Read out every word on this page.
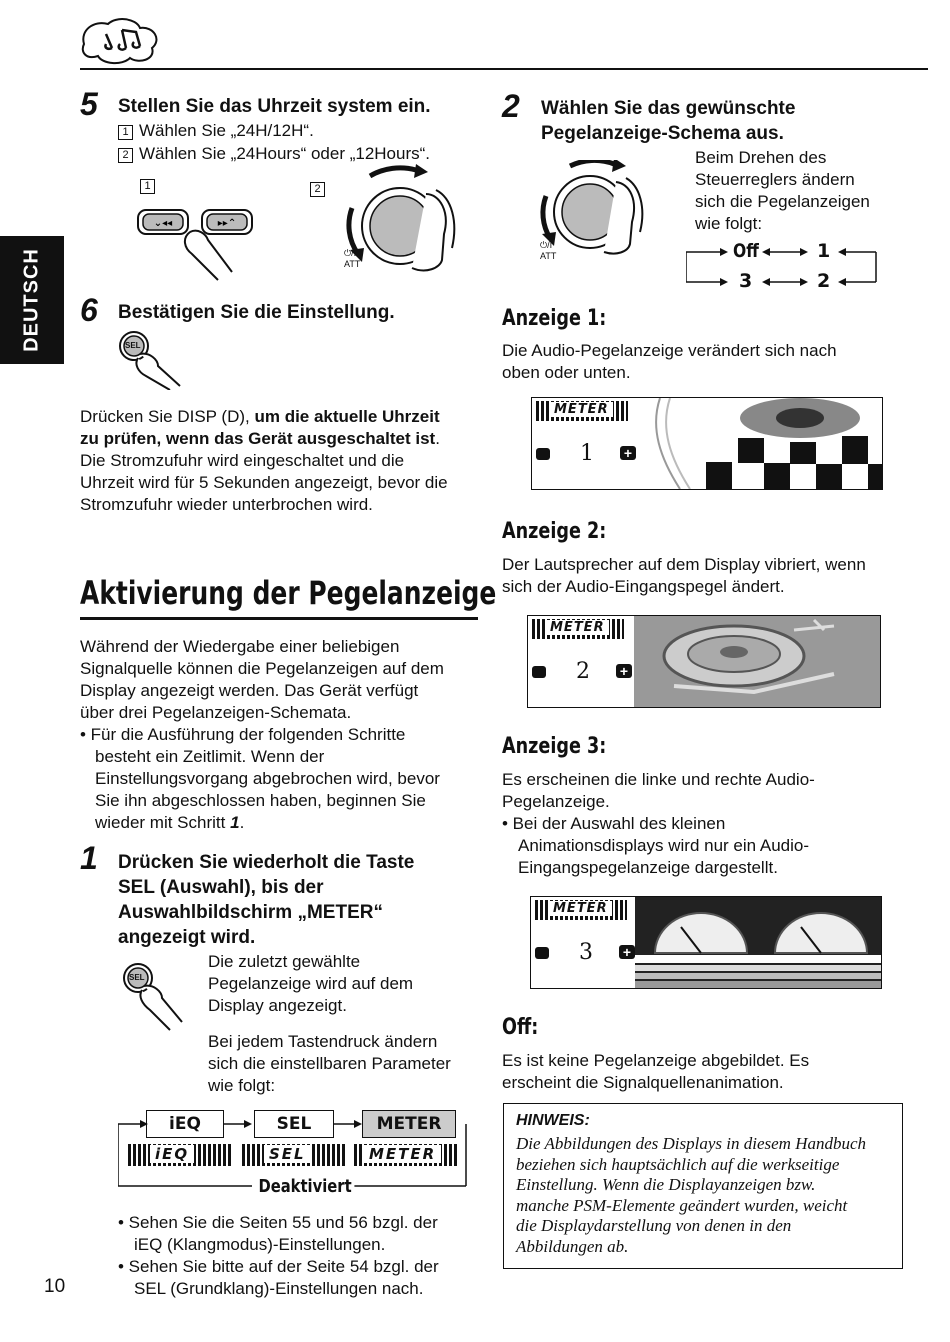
DEUTSCH
5 Stellen Sie das Uhrzeit system ein.
1 Wählen Sie „24H/12H“.
2 Wählen Sie „24Hours“ oder „12Hours“.
1	2
⌄◂◂	▸▸⌃
⏻/I
ATT
6 Bestätigen Sie die Einstellung.
SEL
Drücken Sie DISP (D), um die aktuelle Uhrzeit
zu prüfen, wenn das Gerät ausgeschaltet ist.
Die Stromzufuhr wird eingeschaltet und die
Uhrzeit wird für 5 Sekunden angezeigt, bevor die
Stromzufuhr wieder unterbrochen wird.
Aktivierung der Pegelanzeige
Während der Wiedergabe einer beliebigen
Signalquelle können die Pegelanzeigen auf dem
Display angezeigt werden. Das Gerät verfügt
über drei Pegelanzeigen-Schemata.
• Für die Ausführung der folgenden Schritte
besteht ein Zeitlimit. Wenn der
Einstellungsvorgang abgebrochen wird, bevor
Sie ihn abgeschlossen haben, beginnen Sie
wieder mit Schritt 1.
1 Drücken Sie wiederholt die Taste
SEL (Auswahl), bis der
Auswahlbildschirm „METER“
angezeigt wird.
SEL
Die zuletzt gewählte
Pegelanzeige wird auf dem
Display angezeigt.
Bei jedem Tastendruck ändern
sich die einstellbaren Parameter
wie folgt:
iEQ	SEL	METER
iEQ	SEL	METER
Deaktiviert
• Sehen Sie die Seiten 55 und 56 bzgl. der
iEQ (Klangmodus)-Einstellungen.
• Sehen Sie bitte auf der Seite 54 bzgl. der
SEL (Grundklang)-Einstellungen nach.
10
2 Wählen Sie das gewünschte
Pegelanzeige-Schema aus.
⏻/I
ATT
Beim Drehen des
Steuerreglers ändern
sich die Pegelanzeigen
wie folgt:
Off	1
3	2
Anzeige 1:
Die Audio-Pegelanzeige verändert sich nach
oben oder unten.
METER
1 +
Anzeige 2:
Der Lautsprecher auf dem Display vibriert, wenn
sich der Audio-Eingangspegel ändert.
METER
2 +
Anzeige 3:
Es erscheinen die linke und rechte Audio-
Pegelanzeige.
• Bei der Auswahl des kleinen
Animationsdisplays wird nur ein Audio-
Eingangspegelanzeige dargestellt.
METER
3 +
Off:
Es ist keine Pegelanzeige abgebildet. Es
erscheint die Signalquellenanimation.
HINWEIS:
Die Abbildungen des Displays in diesem Handbuch
beziehen sich hauptsächlich auf die werkseitige
Einstellung. Wenn die Displayanzeigen bzw.
manche PSM-Elemente geändert wurden, weicht
die Displaydarstellung von denen in den
Abbildungen ab.
